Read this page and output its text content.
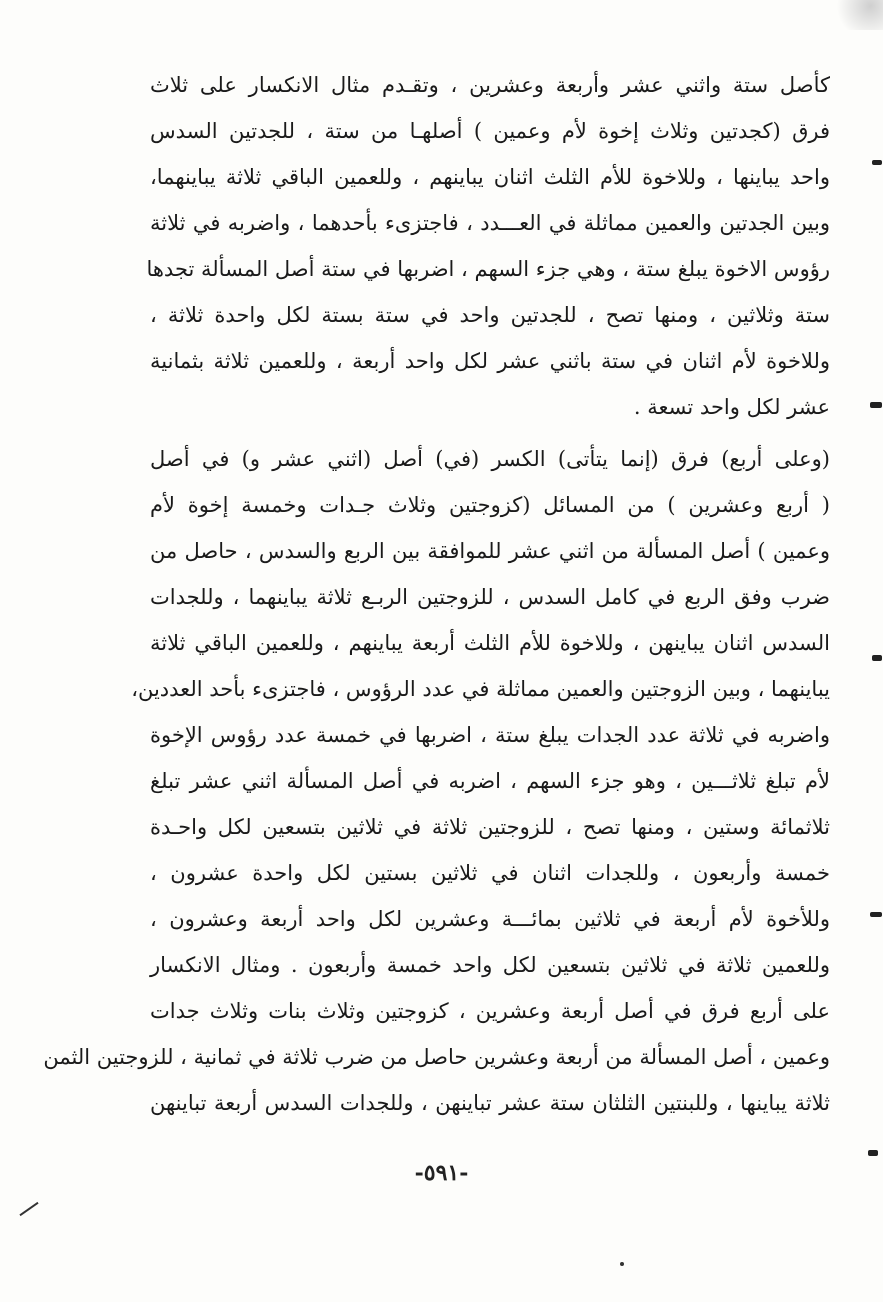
كأصل ستة واثني عشر وأربعة وعشرين ، وتقـدم مثال الانكسار على ثلاث
فرق (كجدتين وثلاث إخوة لأم وعمين ) أصلهـا من ستة ، للجدتين السدس
واحد يباينها ، وللاخوة للأم الثلث اثنان يباينهم ، وللعمين الباقي ثلاثة يباينهما،
وبين الجدتين والعمين مماثلة في العـــدد ، فاجتزىء بأحدهما ، واضربه في ثلاثة
رؤوس الاخوة يبلغ ستة ، وهي جزء السهم ، اضربها في ستة أصل المسألة تجدها
ستة وثلاثين ، ومنها تصح ، للجدتين واحد في ستة بستة لكل واحدة ثلاثة ،
وللاخوة لأم اثنان في ستة باثني عشر لكل واحد أربعة ، وللعمين ثلاثة بثمانية
عشر لكل واحد تسعة .
(وعلى أربع) فرق (إنما يتأتى) الكسر (في) أصل (اثني عشر و) في أصل
( أربع وعشرين ) من المسائل (كزوجتين وثلاث جـدات وخمسة إخوة لأم
وعمين ) أصل المسألة من اثني عشر للموافقة بين الربع والسدس ، حاصل من
ضرب وفق الربع في كامل السدس ، للزوجتين الربـع ثلاثة يباينهما ، وللجدات
السدس اثنان يباينهن ، وللاخوة للأم الثلث أربعة يباينهم ، وللعمين الباقي ثلاثة
يباينهما ، وبين الزوجتين والعمين مماثلة في عدد الرؤوس ، فاجتزىء بأحد العددين،
واضربه في ثلاثة عدد الجدات يبلغ ستة ، اضربها في خمسة عدد رؤوس الإخوة
لأم تبلغ ثلاثـــين ، وهو جزء السهم ، اضربه في أصل المسألة اثني عشر تبلغ
ثلاثمائة وستين ، ومنها تصح ، للزوجتين ثلاثة في ثلاثين بتسعين لكل واحـدة
خمسة وأربعون ، وللجدات اثنان في ثلاثين بستين لكل واحدة عشرون ،
وللأخوة لأم أربعة في ثلاثين بمائـــة وعشرين لكل واحد أربعة وعشرون ،
وللعمين ثلاثة في ثلاثين بتسعين لكل واحد خمسة وأربعون . ومثال الانكسار
على أربع فرق في أصل أربعة وعشرين ، كزوجتين وثلاث بنات وثلاث جدات
وعمين ، أصل المسألة من أربعة وعشرين حاصل من ضرب ثلاثة في ثمانية ، للزوجتين الثمن
ثلاثة يباينها ، وللبنتين الثلثان ستة عشر تباينهن ، وللجدات السدس أربعة تباينهن
-٥٩١-
